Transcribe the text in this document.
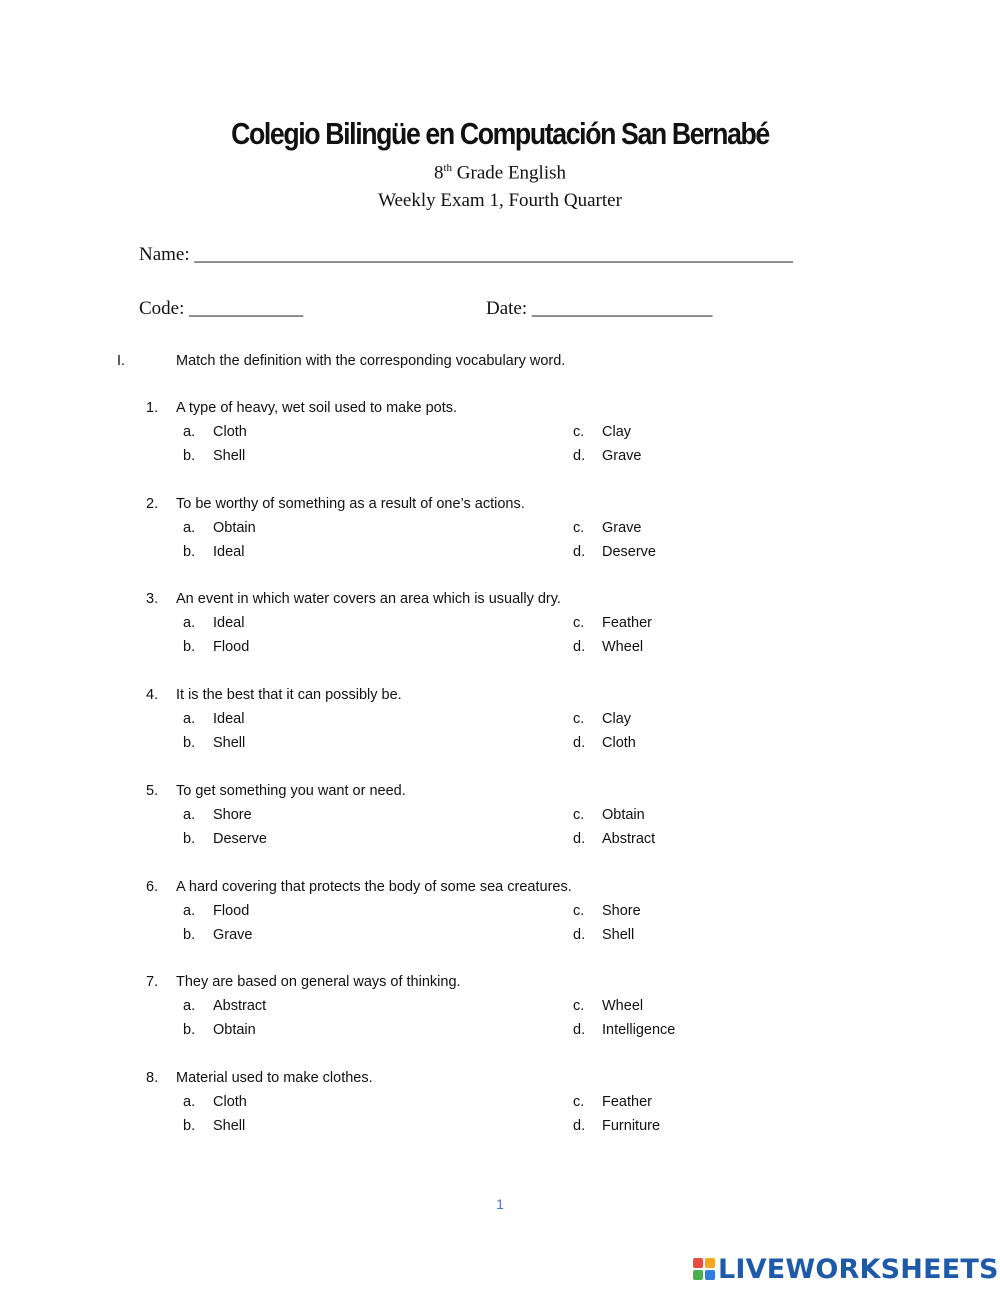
Colegio Bilingüe en Computación San Bernabé
8th Grade English
Weekly Exam 1, Fourth Quarter
Name: _______________________________________________________________
Code: ____________	Date: ___________________
I.	Match the definition with the corresponding vocabulary word.
1. A type of heavy, wet soil used to make pots.
a. Cloth	c. Clay
b. Shell	d. Grave
2. To be worthy of something as a result of one’s actions.
a. Obtain	c. Grave
b. Ideal	d. Deserve
3. An event in which water covers an area which is usually dry.
a. Ideal	c. Feather
b. Flood	d. Wheel
4. It is the best that it can possibly be.
a. Ideal	c. Clay
b. Shell	d. Cloth
5. To get something you want or need.
a. Shore	c. Obtain
b. Deserve	d. Abstract
6. A hard covering that protects the body of some sea creatures.
a. Flood	c. Shore
b. Grave	d. Shell
7. They are based on general ways of thinking.
a. Abstract	c. Wheel
b. Obtain	d. Intelligence
8. Material used to make clothes.
a. Cloth	c. Feather
b. Shell	d. Furniture
1
LIVEWORKSHEETS
